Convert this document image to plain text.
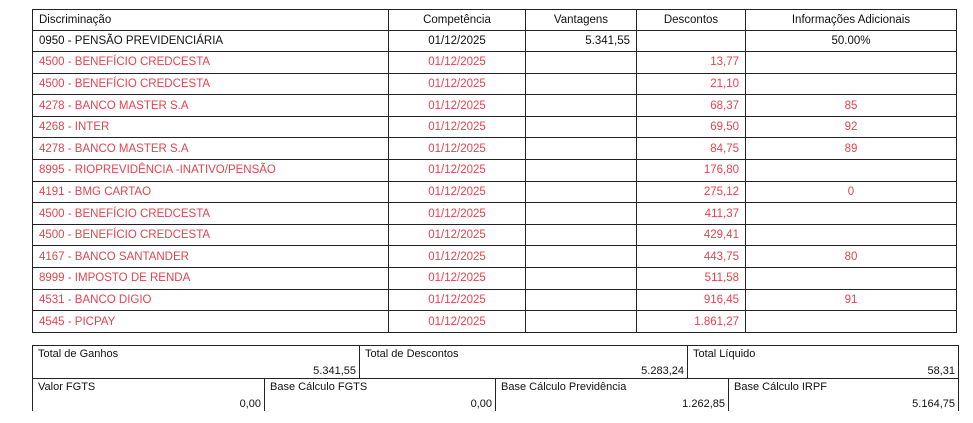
Discriminação	Competência	Vantagens	Descontos	Informações Adicionais
0950 - PENSÃO PREVIDENCIÁRIA	01/12/2025	5.341,55		50.00%
4500 - BENEFÍCIO CREDCESTA	01/12/2025		13,77	
4500 - BENEFÍCIO CREDCESTA	01/12/2025		21,10	
4278 - BANCO MASTER S.A	01/12/2025		68,37	85
4268 - INTER	01/12/2025		69,50	92
4278 - BANCO MASTER S.A	01/12/2025		84,75	89
8995 - RIOPREVIDÊNCIA -INATIVO/PENSÃO	01/12/2025		176,80	
4191 - BMG CARTAO	01/12/2025		275,12	0
4500 - BENEFÍCIO CREDCESTA	01/12/2025		411,37	
4500 - BENEFÍCIO CREDCESTA	01/12/2025		429,41	
4167 - BANCO SANTANDER	01/12/2025		443,75	80
8999 - IMPOSTO DE RENDA	01/12/2025		511,58	
4531 - BANCO DIGIO	01/12/2025		916,45	91
4545 - PICPAY	01/12/2025		1.861,27	
Total de Ganhos
5.341,55
Total de Descontos
5.283,24
Total Líquido
58,31
Valor FGTS
0,00
Base Cálculo FGTS
0,00
Base Cálculo Previdência
1.262,85
Base Cálculo IRPF
5.164,75
